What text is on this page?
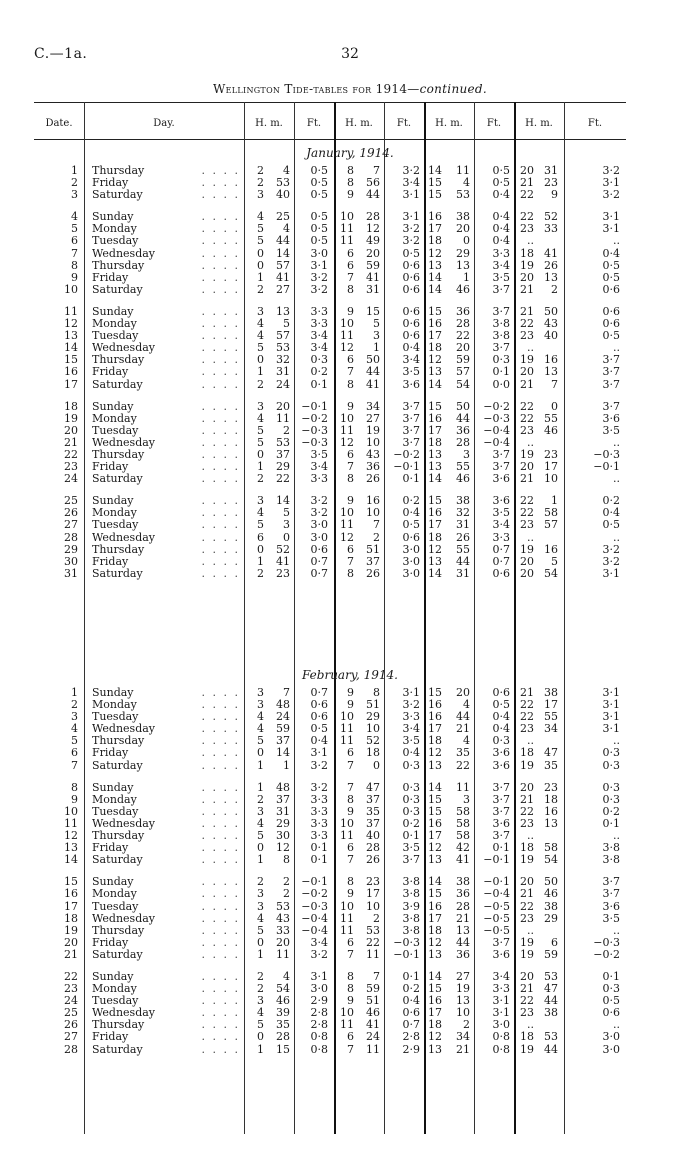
C.—1a.	32
Wellington Tide-tables for 1914—continued.
Date.	Day.	H. m.	Ft.	H. m.	Ft.	H. m.	Ft.	H. m.	Ft.
January, 1914.
1	Thursday	. . . .	2	4	0·5	8	7	3·2	14	11	0·5	20	31	3·2
2	Friday	. . . .	2	53	0·5	8	56	3·4	15	4	0·5	21	23	3·1
3	Saturday	. . . .	3	40	0·5	9	44	3·1	15	53	0·4	22	9	3·2

4	Sunday	. . . .	4	25	0·5	10	28	3·1	16	38	0·4	22	52	3·1
5	Monday	. . . .	5	4	0·5	11	12	3·2	17	20	0·4	23	33	3·1
6	Tuesday	. . . .	5	44	0·5	11	49	3·2	18	0	0·4	..		..
7	Wednesday	. . . .	0	14	3·0	6	20	0·5	12	29	3·3	18	41	0·4
8	Thursday	. . . .	0	57	3·1	6	59	0·6	13	13	3·4	19	26	0·5
9	Friday	. . . .	1	41	3·2	7	41	0·6	14	1	3·5	20	13	0·5
10	Saturday	. . . .	2	27	3·2	8	31	0·6	14	46	3·7	21	2	0·6

11	Sunday	. . . .	3	13	3·3	9	15	0·6	15	36	3·7	21	50	0·6
12	Monday	. . . .	4	5	3·3	10	5	0·6	16	28	3·8	22	43	0·6
13	Tuesday	. . . .	4	57	3·4	11	3	0·6	17	22	3·8	23	40	0·5
14	Wednesday	. . . .	5	53	3·4	12	1	0·4	18	20	3·7	..		..
15	Thursday	. . . .	0	32	0·3	6	50	3·4	12	59	0·3	19	16	3·7
16	Friday	. . . .	1	31	0·2	7	44	3·5	13	57	0·1	20	13	3·7
17	Saturday	. . . .	2	24	0·1	8	41	3·6	14	54	0·0	21	7	3·7

18	Sunday	. . . .	3	20	−0·1	9	34	3·7	15	50	−0·2	22	0	3·7
19	Monday	. . . .	4	11	−0·2	10	27	3·7	16	44	−0·3	22	55	3·6
20	Tuesday	. . . .	5	2	−0·3	11	19	3·7	17	36	−0·4	23	46	3·5
21	Wednesday	. . . .	5	53	−0·3	12	10	3·7	18	28	−0·4	..		..
22	Thursday	. . . .	0	37	3·5	6	43	−0·2	13	3	3·7	19	23	−0·3
23	Friday	. . . .	1	29	3·4	7	36	−0·1	13	55	3·7	20	17	−0·1
24	Saturday	. . . .	2	22	3·3	8	26	0·1	14	46	3·6	21	10	..

25	Sunday	. . . .	3	14	3·2	9	16	0·2	15	38	3·6	22	1	0·2
26	Monday	. . . .	4	5	3·2	10	10	0·4	16	32	3·5	22	58	0·4
27	Tuesday	. . . .	5	3	3·0	11	7	0·5	17	31	3·4	23	57	0·5
28	Wednesday	. . . .	6	0	3·0	12	2	0·6	18	26	3·3	..		..
29	Thursday	. . . .	0	52	0·6	6	51	3·0	12	55	0·7	19	16	3·2
30	Friday	. . . .	1	41	0·7	7	37	3·0	13	44	0·7	20	5	3·2
31	Saturday	. . . .	2	23	0·7	8	26	3·0	14	31	0·6	20	54	3·1
February, 1914.
1	Sunday	. . . .	3	7	0·7	9	8	3·1	15	20	0·6	21	38	3·1
2	Monday	. . . .	3	48	0·6	9	51	3·2	16	4	0·5	22	17	3·1
3	Tuesday	. . . .	4	24	0·6	10	29	3·3	16	44	0·4	22	55	3·1
4	Wednesday	. . . .	4	59	0·5	11	10	3·4	17	21	0·4	23	34	3·1
5	Thursday	. . . .	5	37	0·4	11	52	3·5	18	4	0·3	..		..
6	Friday	. . . .	0	14	3·1	6	18	0·4	12	35	3·6	18	47	0·3
7	Saturday	. . . .	1	1	3·2	7	0	0·3	13	22	3·6	19	35	0·3

8	Sunday	. . . .	1	48	3·2	7	47	0·3	14	11	3·7	20	23	0·3
9	Monday	. . . .	2	37	3·3	8	37	0·3	15	3	3·7	21	18	0·3
10	Tuesday	. . . .	3	31	3·3	9	35	0·3	15	58	3·7	22	16	0·2
11	Wednesday	. . . .	4	29	3·3	10	37	0·2	16	58	3·6	23	13	0·1
12	Thursday	. . . .	5	30	3·3	11	40	0·1	17	58	3·7	..		..
13	Friday	. . . .	0	12	0·1	6	28	3·5	12	42	0·1	18	58	3·8
14	Saturday	. . . .	1	8	0·1	7	26	3·7	13	41	−0·1	19	54	3·8

15	Sunday	. . . .	2	2	−0·1	8	23	3·8	14	38	−0·1	20	50	3·7
16	Monday	. . . .	3	2	−0·2	9	17	3·8	15	36	−0·4	21	46	3·7
17	Tuesday	. . . .	3	53	−0·3	10	10	3·9	16	28	−0·5	22	38	3·6
18	Wednesday	. . . .	4	43	−0·4	11	2	3·8	17	21	−0·5	23	29	3·5
19	Thursday	. . . .	5	33	−0·4	11	53	3·8	18	13	−0·5	..		..
20	Friday	. . . .	0	20	3·4	6	22	−0·3	12	44	3·7	19	6	−0·3
21	Saturday	. . . .	1	11	3·2	7	11	−0·1	13	36	3·6	19	59	−0·2

22	Sunday	. . . .	2	4	3·1	8	7	0·1	14	27	3·4	20	53	0·1
23	Monday	. . . .	2	54	3·0	8	59	0·2	15	19	3·3	21	47	0·3
24	Tuesday	. . . .	3	46	2·9	9	51	0·4	16	13	3·1	22	44	0·5
25	Wednesday	. . . .	4	39	2·8	10	46	0·6	17	10	3·1	23	38	0·6
26	Thursday	. . . .	5	35	2·8	11	41	0·7	18	2	3·0	..		..
27	Friday	. . . .	0	28	0·8	6	24	2·8	12	34	0·8	18	53	3·0
28	Saturday	. . . .	1	15	0·8	7	11	2·9	13	21	0·8	19	44	3·0
